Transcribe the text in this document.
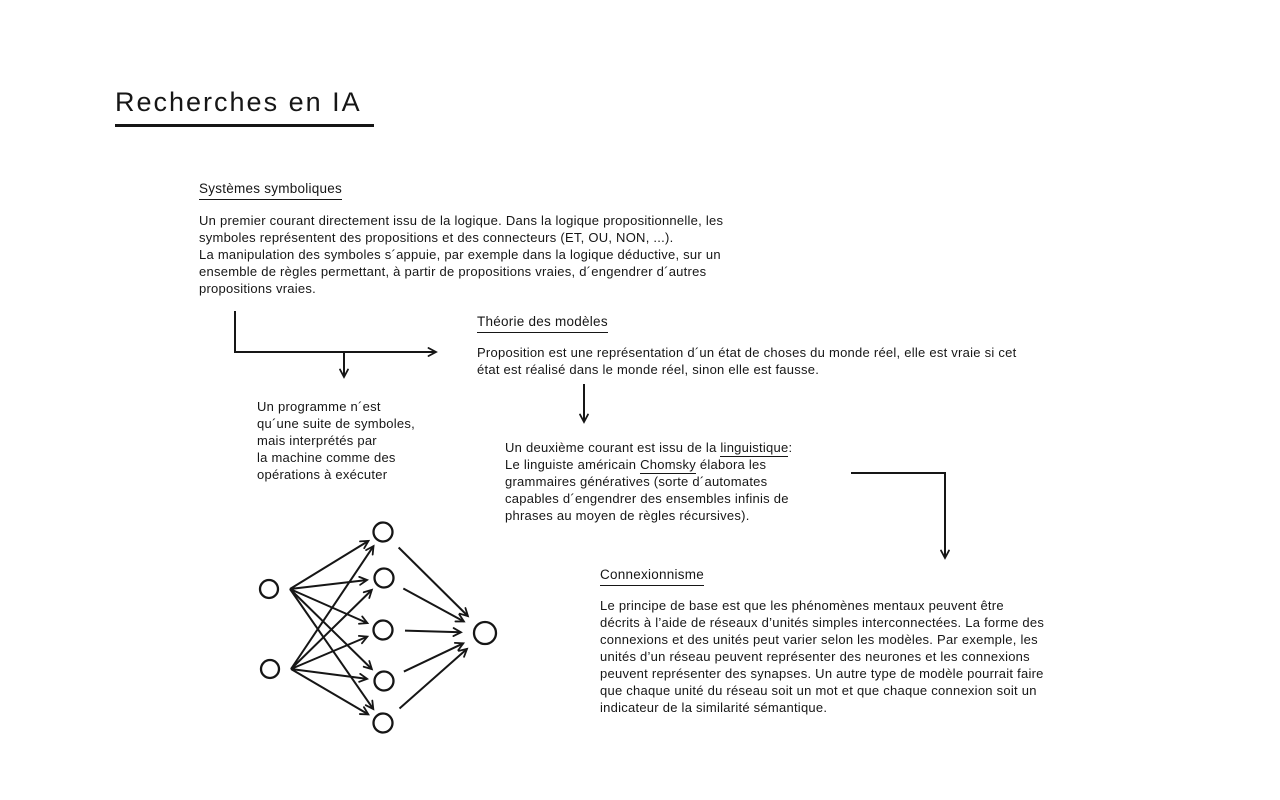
Recherches en IA
Systèmes symboliques
Un premier courant directement issu de la logique. Dans la logique propositionnelle, les
symboles représentent des propositions et des connecteurs (ET, OU, NON, ...).
La manipulation des symboles s´appuie, par exemple dans la logique déductive, sur un
ensemble de règles permettant, à partir de propositions vraies, d´engendrer d´autres
propositions vraies.
Théorie des modèles
Proposition est une représentation d´un état de choses du monde réel, elle est vraie si cet
état est réalisé dans le monde réel, sinon elle est fausse.
Un programme n´est
qu´une suite de symboles,
mais interprétés par
la machine comme des
opérations à exécuter
Un deuxième courant est issu de la linguistique:
Le linguiste américain Chomsky élabora les
grammaires génératives (sorte d´automates
capables d´engendrer des ensembles infinis de
phrases au moyen de règles récursives).
Connexionnisme
Le principe de base est que les phénomènes mentaux peuvent être
décrits à l’aide de réseaux d’unités simples interconnectées. La forme des
connexions et des unités peut varier selon les modèles. Par exemple, les
unités d’un réseau peuvent représenter des neurones et les connexions
peuvent représenter des synapses. Un autre type de modèle pourrait faire
que chaque unité du réseau soit un mot et que chaque connexion soit un
indicateur de la similarité sémantique.
